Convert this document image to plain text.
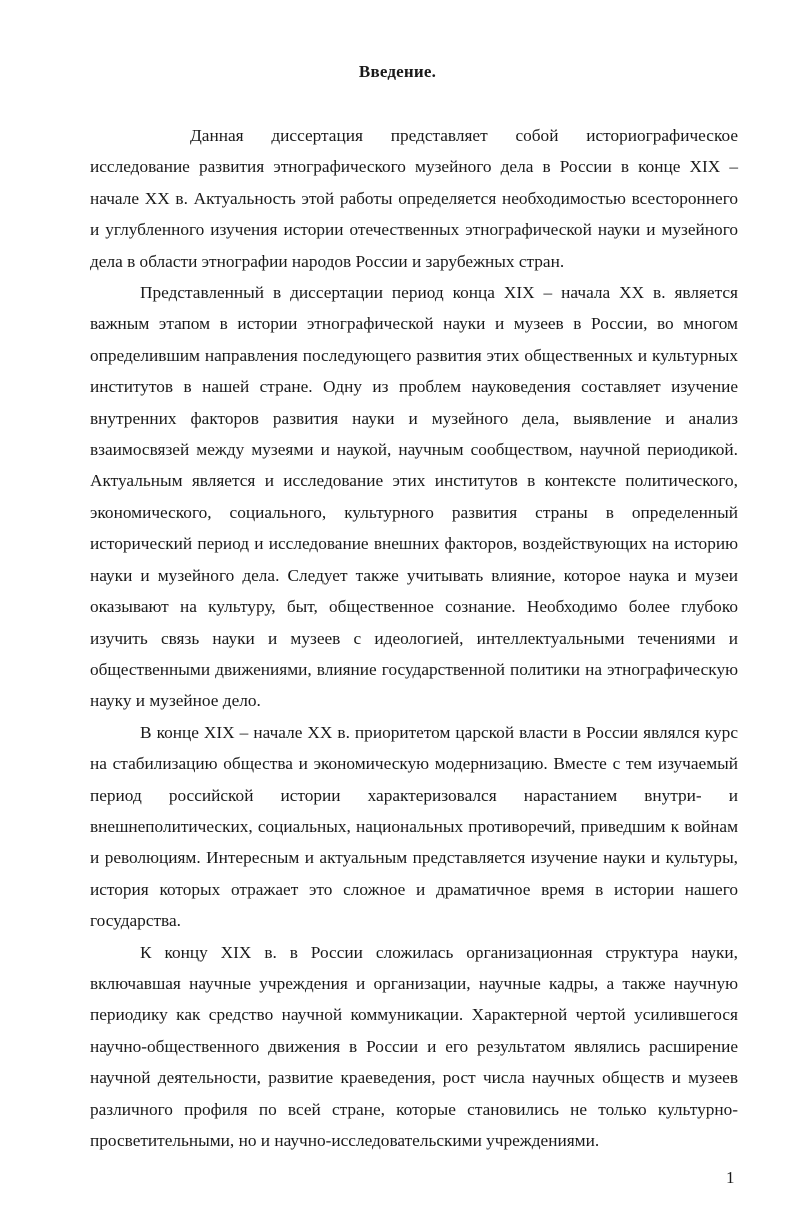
Введение.

Данная диссертация представляет собой историографическое исследование развития этнографического музейного дела в России в конце XIX – начале XX в. Актуальность этой работы определяется необходимостью всестороннего и углубленного изучения истории отечественных этнографической науки и музейного дела в области этнографии народов России и зарубежных стран.

Представленный в диссертации период конца XIX – начала XX в. является важным этапом в истории этнографической науки и музеев в России, во многом определившим направления последующего развития этих общественных и культурных институтов в нашей стране. Одну из проблем науковедения составляет изучение внутренних факторов развития науки и музейного дела, выявление и анализ взаимосвязей между музеями и наукой, научным сообществом, научной периодикой. Актуальным является и исследование этих институтов в контексте политического, экономического, социального, культурного развития страны в определенный исторический период и исследование внешних факторов, воздействующих на историю науки и музейного дела. Следует также учитывать влияние, которое наука и музеи оказывают на культуру, быт, общественное сознание. Необходимо более глубоко изучить связь науки и музеев с идеологией, интеллектуальными течениями и общественными движениями, влияние государственной политики на этнографическую науку и музейное дело.

В конце XIX – начале XX в. приоритетом царской власти в России являлся курс на стабилизацию общества и экономическую модернизацию. Вместе с тем изучаемый период российской истории характеризовался нарастанием внутри- и внешнеполитических, социальных, национальных противоречий, приведшим к войнам и революциям. Интересным и актуальным представляется изучение науки и культуры, история которых отражает это сложное и драматичное время в истории нашего государства.

К концу XIX в. в России сложилась организационная структура науки, включавшая научные учреждения и организации, научные кадры, а также научную периодику как средство научной коммуникации. Характерной чертой усилившегося научно-общественного движения в России и его результатом являлись расширение научной деятельности, развитие краеведения, рост числа научных обществ и музеев различного профиля по всей стране, которые становились не только культурно-просветительными, но и научно-исследовательскими учреждениями.

1
